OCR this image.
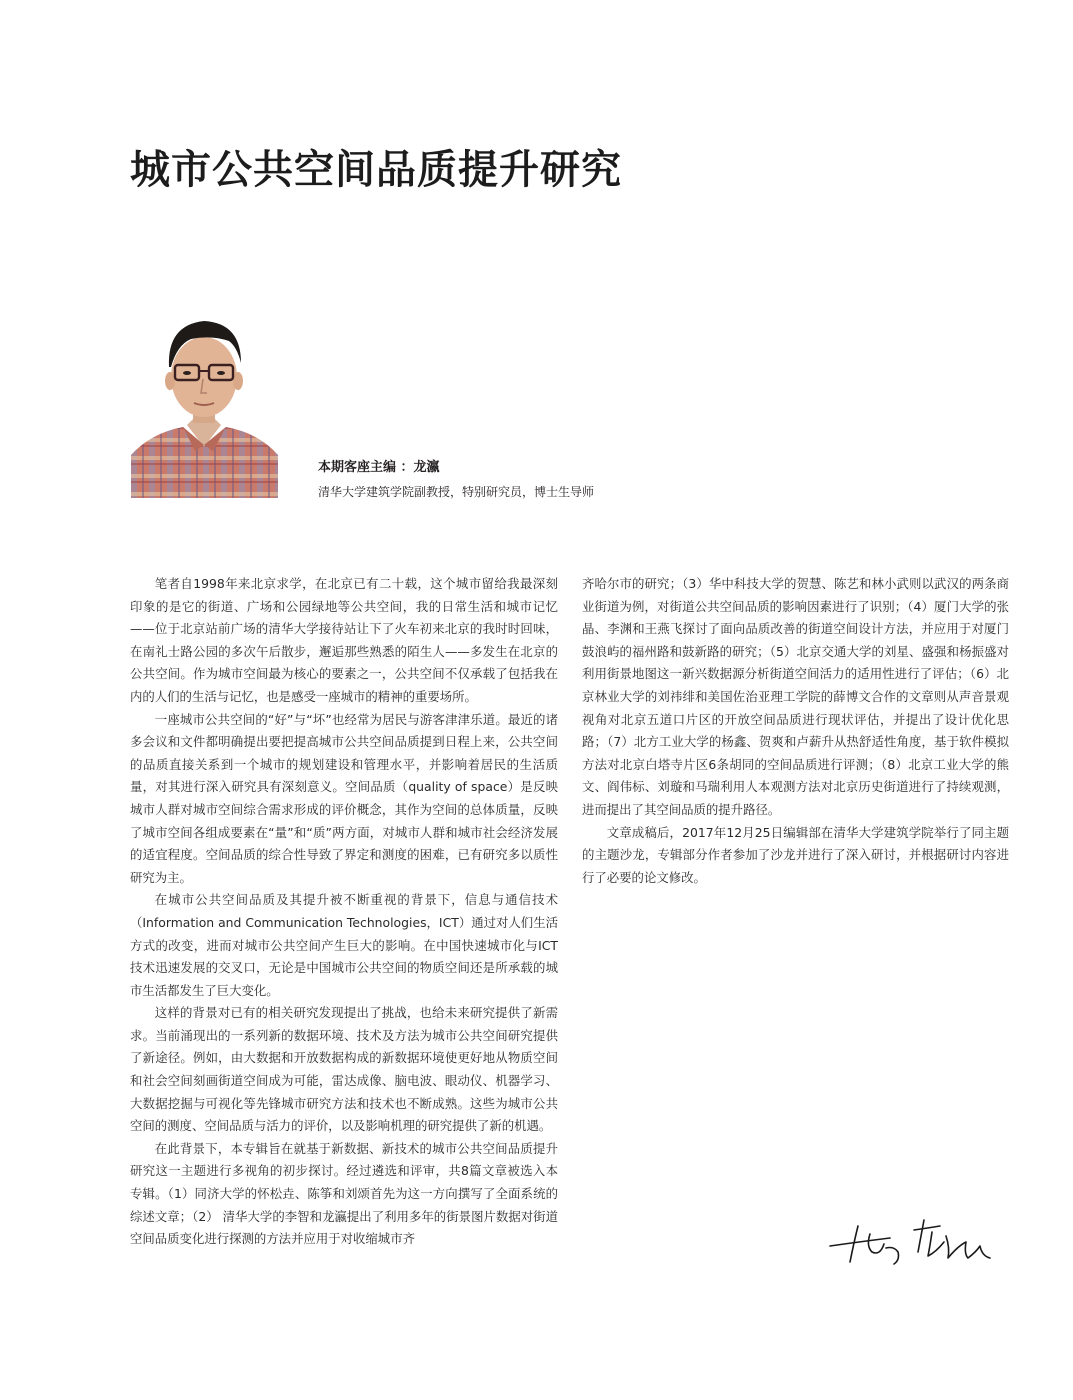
城市公共空间品质提升研究
本期客座主编 ：龙瀛
清华大学建筑学院副教授，特别研究员，博士生导师

笔者自1998年来北京求学，在北京已有二十载，这个城市留给我最深刻印象的是它的街道、广场和公园绿地等公共空间，我的日常生活和城市记忆——位于北京站前广场的清华大学接待站让下了火车初来北京的我时时回味，在南礼士路公园的多次午后散步，邂逅那些熟悉的陌生人——多发生在北京的公共空间。作为城市空间最为核心的要素之一，公共空间不仅承载了包括我在内的人们的生活与记忆，也是感受一座城市的精神的重要场所。

一座城市公共空间的“好”与“坏”也经常为居民与游客津津乐道。最近的诸多会议和文件都明确提出要把提高城市公共空间品质提到日程上来，公共空间的品质直接关系到一个城市的规划建设和管理水平，并影响着居民的生活质量，对其进行深入研究具有深刻意义。空间品质（quality of space）是反映城市人群对城市空间综合需求形成的评价概念，其作为空间的总体质量，反映了城市空间各组成要素在“量”和“质”两方面，对城市人群和城市社会经济发展的适宜程度。空间品质的综合性导致了界定和测度的困难，已有研究多以质性研究为主。

在城市公共空间品质及其提升被不断重视的背景下，信息与通信技术（Information and Communication Technologies，ICT）通过对人们生活方式的改变，进而对城市公共空间产生巨大的影响。在中国快速城市化与ICT技术迅速发展的交叉口，无论是中国城市公共空间的物质空间还是所承载的城市生活都发生了巨大变化。

这样的背景对已有的相关研究发现提出了挑战，也给未来研究提供了新需求。当前涌现出的一系列新的数据环境、技术及方法为城市公共空间研究提供了新途径。例如，由大数据和开放数据构成的新数据环境使更好地从物质空间和社会空间刻画街道空间成为可能，雷达成像、脑电波、眼动仪、机器学习、大数据挖掘与可视化等先锋城市研究方法和技术也不断成熟。这些为城市公共空间的测度、空间品质与活力的评价，以及影响机理的研究提供了新的机遇。

在此背景下，本专辑旨在就基于新数据、新技术的城市公共空间品质提升研究这一主题进行多视角的初步探讨。经过遴选和评审，共8篇文章被选入本专辑。（1）同济大学的怀松垚、陈筝和刘颂首先为这一方向撰写了全面系统的综述文章；（2） 清华大学的李智和龙瀛提出了利用多年的街景图片数据对街道空间品质变化进行探测的方法并应用于对收缩城市齐

齐哈尔市的研究；（3）华中科技大学的贺慧、陈艺和林小武则以武汉的两条商业街道为例，对街道公共空间品质的影响因素进行了识别；（4）厦门大学的张晶、李渊和王燕飞探讨了面向品质改善的街道空间设计方法，并应用于对厦门鼓浪屿的福州路和鼓新路的研究；（5）北京交通大学的刘星、盛强和杨振盛对利用街景地图这一新兴数据源分析街道空间活力的适用性进行了评估；（6）北京林业大学的刘祎绯和美国佐治亚理工学院的薛博文合作的文章则从声音景观视角对北京五道口片区的开放空间品质进行现状评估，并提出了设计优化思路；（7）北方工业大学的杨鑫、贺爽和卢薪升从热舒适性角度，基于软件模拟方法对北京白塔寺片区6条胡同的空间品质进行评测；（8）北京工业大学的熊文、阎伟标、刘璇和马瑞利用人本观测方法对北京历史街道进行了持续观测，进而提出了其空间品质的提升路径。

文章成稿后，2017年12月25日编辑部在清华大学建筑学院举行了同主题的主题沙龙，专辑部分作者参加了沙龙并进行了深入研讨，并根据研讨内容进行了必要的论文修改。
